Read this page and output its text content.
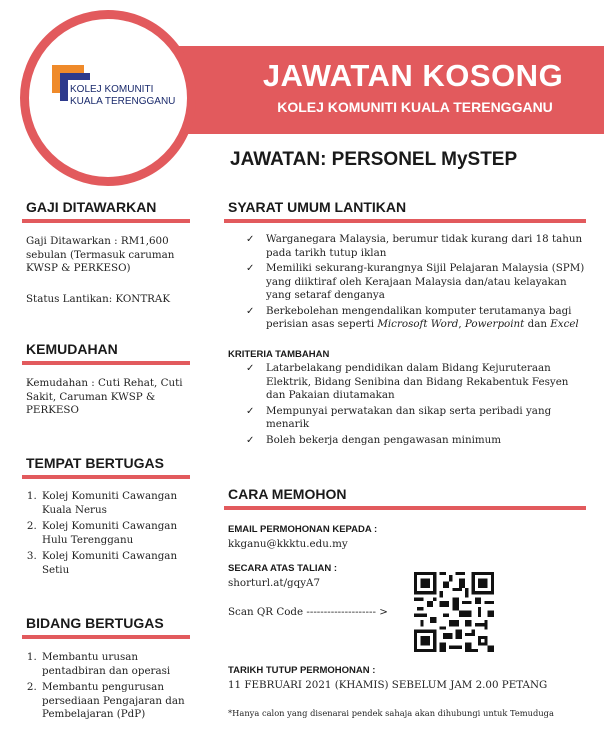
JAWATAN KOSONG
KOLEJ KOMUNITI KUALA TERENGGANU
KOLEJ KOMUNITI
KUALA TERENGGANU
JAWATAN: PERSONEL MySTEP
GAJI DITAWARKAN
Gaji Ditawarkan : RM1,600 sebulan (Termasuk caruman KWSP & PERKESO)
Status Lantikan: KONTRAK
KEMUDAHAN
Kemudahan : Cuti Rehat, Cuti Sakit, Caruman KWSP & PERKESO
TEMPAT BERTUGAS
1. Kolej Komuniti Cawangan Kuala Nerus
2. Kolej Komuniti Cawangan Hulu Terengganu
3. Kolej Komuniti Cawangan Setiu
BIDANG BERTUGAS
1. Membantu urusan pentadbiran dan operasi
2. Membantu pengurusan persediaan Pengajaran dan Pembelajaran (PdP)
SYARAT UMUM LANTIKAN
✓ Warganegara Malaysia, berumur tidak kurang dari 18 tahun pada tarikh tutup iklan
✓ Memiliki sekurang-kurangnya Sijil Pelajaran Malaysia (SPM) yang diiktiraf oleh Kerajaan Malaysia dan/atau kelayakan yang setaraf denganya
✓ Berkebolehan mengendalikan komputer terutamanya bagi perisian asas seperti Microsoft Word, Powerpoint dan Excel
KRITERIA TAMBAHAN
✓ Latarbelakang pendidikan dalam Bidang Kejuruteraan Elektrik, Bidang Senibina dan Bidang Rekabentuk Fesyen dan Pakaian diutamakan
✓ Mempunyai perwatakan dan sikap serta peribadi yang menarik
✓ Boleh bekerja dengan pengawasan minimum
CARA MEMOHON
EMAIL PERMOHONAN KEPADA :
kkganu@kkktu.edu.my
SECARA ATAS TALIAN :
shorturl.at/gqyA7
Scan QR Code -------------------- >
TARIKH TUTUP PERMOHONAN :
11 FEBRUARI 2021 (KHAMIS) SEBELUM JAM 2.00 PETANG
*Hanya calon yang disenarai pendek sahaja akan dihubungi untuk Temuduga
